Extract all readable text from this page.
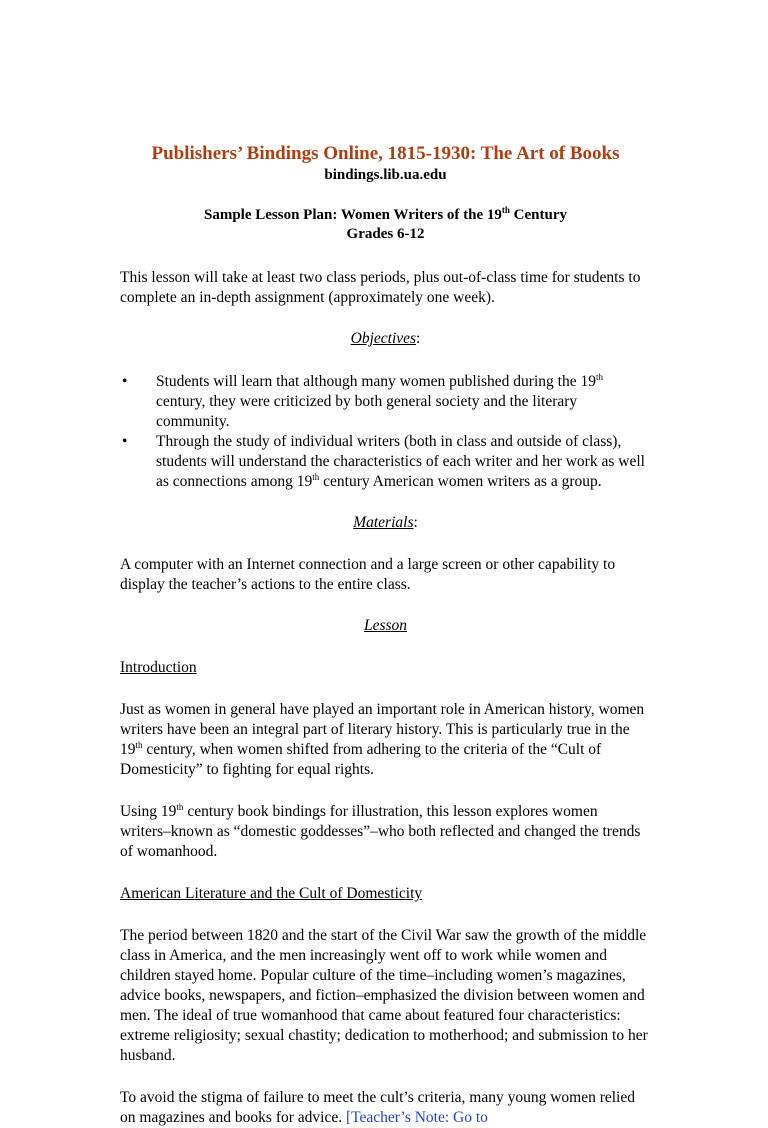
Publishers’ Bindings Online, 1815-1930: The Art of Books
bindings.lib.ua.edu
Sample Lesson Plan: Women Writers of the 19th Century
Grades 6-12

This lesson will take at least two class periods, plus out-of-class time for students to complete an in-depth assignment (approximately one week).

Objectives:
• Students will learn that although many women published during the 19th century, they were criticized by both general society and the literary community.
• Through the study of individual writers (both in class and outside of class), students will understand the characteristics of each writer and her work as well as connections among 19th century American women writers as a group.
Materials:

A computer with an Internet connection and a large screen or other capability to display the teacher’s actions to the entire class.

Lesson
Introduction

Just as women in general have played an important role in American history, women writers have been an integral part of literary history. This is particularly true in the 19th century, when women shifted from adhering to the criteria of the “Cult of Domesticity” to fighting for equal rights.

Using 19th century book bindings for illustration, this lesson explores women writers–known as “domestic goddesses”–who both reflected and changed the trends of womanhood.

American Literature and the Cult of Domesticity

The period between 1820 and the start of the Civil War saw the growth of the middle class in America, and the men increasingly went off to work while women and children stayed home. Popular culture of the time–including women’s magazines, advice books, newspapers, and fiction–emphasized the division between women and men. The ideal of true womanhood that came about featured four characteristics: extreme religiosity; sexual chastity; dedication to motherhood; and submission to her husband.

To avoid the stigma of failure to meet the cult’s criteria, many young women relied on magazines and books for advice. [Teacher’s Note: Go to
